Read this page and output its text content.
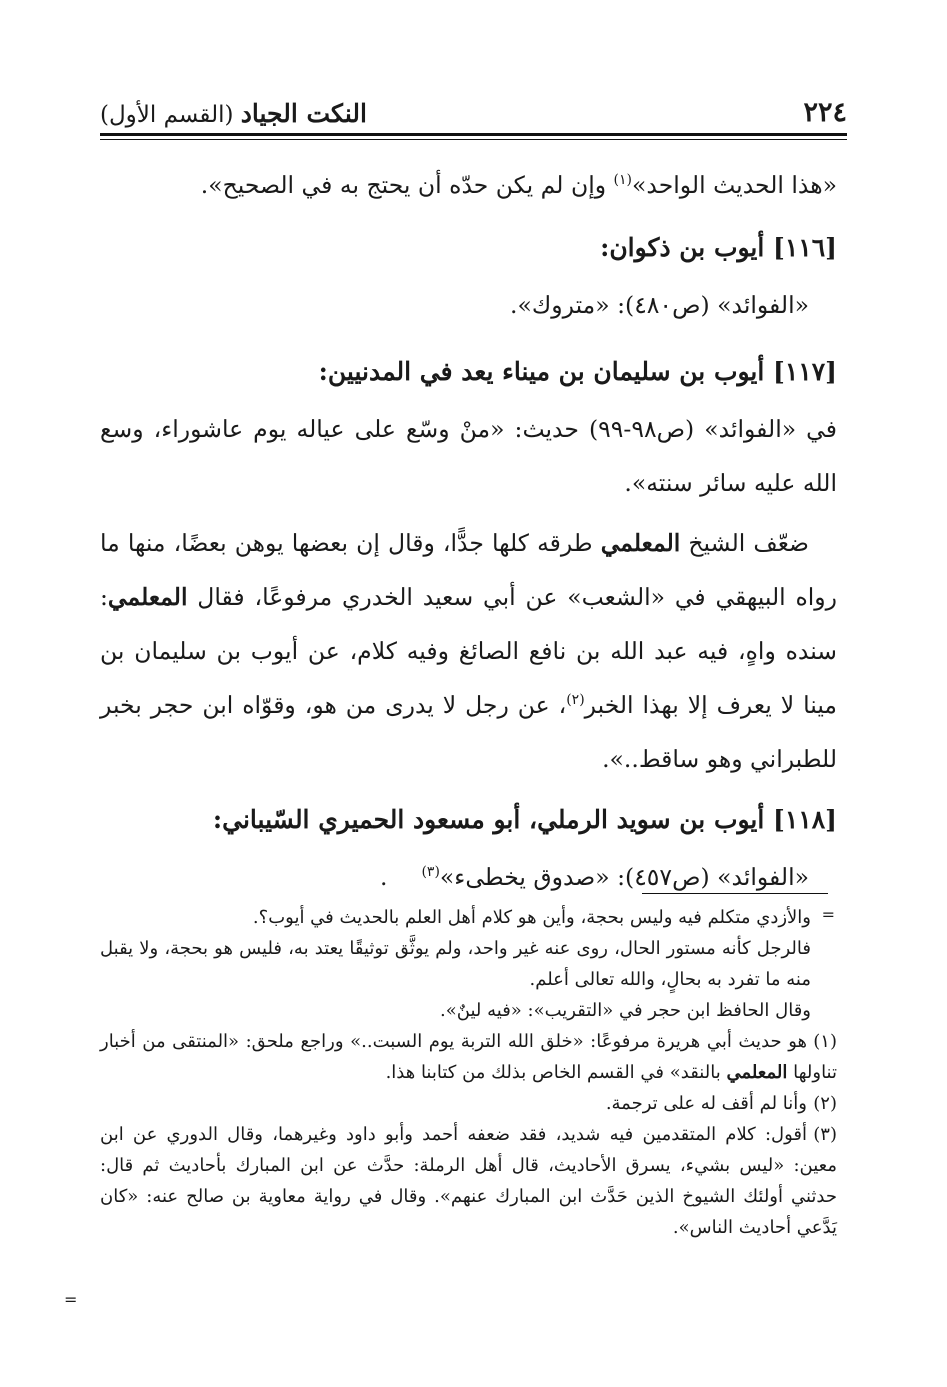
٢٢٤
النكت الجياد (القسم الأول)

«هذا الحديث الواحد»$^{(١)}$ وإن لم يكن حدّه أن يحتج به في الصحيح».

[١١٦] أيوب بن ذكوان:

«الفوائد» (ص٤٨٠): «متروك».

[١١٧] أيوب بن سليمان بن ميناء يعد في المدنيين:

في «الفوائد» (ص٩٨-٩٩) حديث: «منْ وسّع على عياله يوم عاشوراء، وسع الله عليه سائر سنته».

ضعّف الشيخ المعلمي طرقه كلها جدًّا، وقال إن بعضها يوهن بعضًا، منها ما رواه البيهقي في «الشعب» عن أبي سعيد الخدري مرفوعًا، فقال المعلمي: سنده واهٍ، فيه عبد الله بن نافع الصائغ وفيه كلام، عن أيوب بن سليمان بن مينا لا يعرف إلا بهذا الخبر$^{(٢)}$، عن رجل لا يدرى من هو، وقوّاه ابن حجر بخبر للطبراني وهو ساقط..».

[١١٨] أيوب بن سويد الرملي، أبو مسعود الحميري السّيباني:

«الفوائد» (ص٤٥٧): «صدوق يخطىء»$^{(٣)}$.

=

والأزدي متكلم فيه وليس بحجة، وأين هو كلام أهل العلم بالحديث في أيوب؟.

فالرجل كأنه مستور الحال، روى عنه غير واحد، ولم يوثَّق توثيقًا يعتد به، فليس هو بحجة، ولا يقبل منه ما تفرد به بحالٍ، والله تعالى أعلم.

وقال الحافظ ابن حجر في «التقريب»: «فيه لينٌ».

(١)هو حديث أبي هريرة مرفوعًا: «خلق الله التربة يوم السبت..» وراجع ملحق: «المنتقى من أخبار تناولها المعلمي بالنقد» في القسم الخاص بذلك من كتابنا هذا.

(٢)وأنا لم أقف له على ترجمة.

(٣)أقول: كلام المتقدمين فيه شديد، فقد ضعفه أحمد وأبو داود وغيرهما، وقال الدوري عن ابن معين: «ليس بشيء، يسرق الأحاديث، قال أهل الرملة: حدَّث عن ابن المبارك بأحاديث ثم قال: حدثني أولئك الشيوخ الذين حَدَّث ابن المبارك عنهم». وقال في رواية معاوية بن صالح عنه: «كان يَدَّعي أحاديث الناس».

=
